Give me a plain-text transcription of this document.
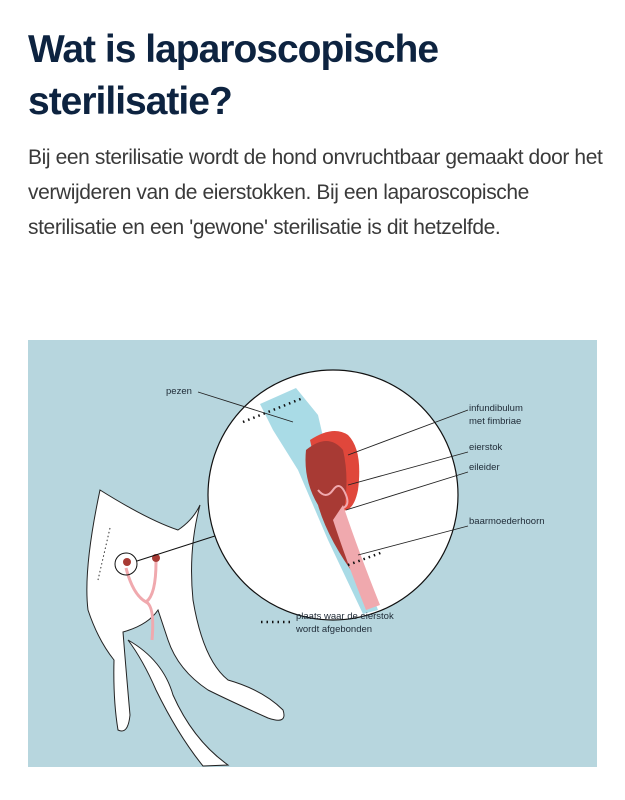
Wat is laparoscopische sterilisatie?

Bij een sterilisatie wordt de hond onvruchtbaar gemaakt door het verwijderen van de eierstokken. Bij een laparoscopische sterilisatie en een 'gewone' sterilisatie is dit hetzelfde.

pezen
infundibulum
met fimbriae
eierstok
eileider
baarmoederhoorn
plaats waar de eierstok
wordt afgebonden
